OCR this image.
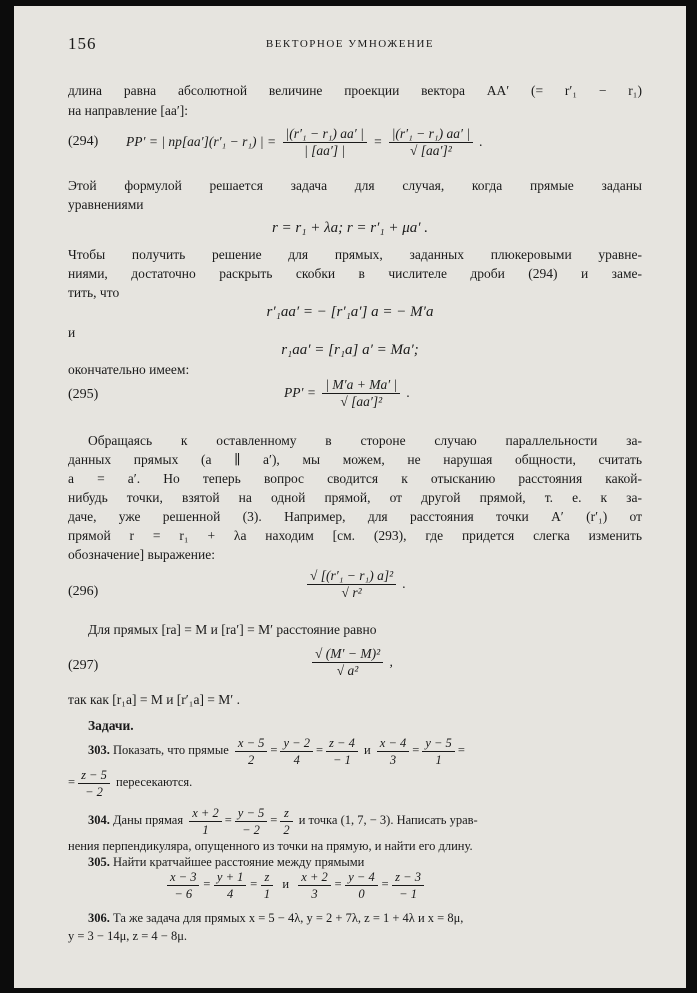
156	ВЕКТОРНОЕ УМНОЖЕНИЕ
длина равна абсолютной величине проекции вектора AA′ (= r′₁ − r₁)
на направление [aa′]:
(294) PP′ = | пр[aa′](r′₁ − r₁) | = $\frac{\text{|(r′₁ − r₁) aa′ |}}{| [aa'] |} = \frac{\text{|(r′₁ − r₁) aa′ |}}{\text{√ [aa′]²}}$ .
Этой формулой решается задача для случая, когда прямые заданы
уравнениями
r = r₁ + λa; r = r′₁ + μa′ .
Чтобы получить решение для прямых, заданных плюкеровыми уравне-
ниями, достаточно раскрыть скобки в числителе дроби (294) и заме-
тить, что
r′₁aa′ = − [r′₁a′] a = − M′a
и
r₁aa′ = [r₁a] a′ = Ma′;
окончательно имеем:
(295)	$PP' = \frac{| M'a + Ma' |}{\text{√ [aa′]²}}$ .
Обращаясь к оставленному в стороне случаю параллельности за-
данных прямых (a ∥ a′), мы можем, не нарушая общности, считать
a = a′. Но теперь вопрос сводится к отысканию расстояния какой-
нибудь точки, взятой на одной прямой, от другой прямой, т. е. к за-
даче, уже решенной (3). Например, для расстояния точки A′ (r′₁) от
прямой r = r₁ + λa находим [см. (293), где придется слегка изменить
обозначение] выражение:
(296)	$\frac{\text{√ [(r′₁ − r₁) a]²}}{\text{√ r²}}$ .
Для прямых [ra] = M и [ra′] = M′ расстояние равно
(297)	$\frac{\text{√ (M′ − M)²}}{\text{√ a²}}$ ,
так как [r₁a] = M и [r′₁a] = M′ .
Задачи.
303. Показать, что прямые $\frac{x - 5}{2} = \frac{y - 2}{4} = \frac{z - 4}{- 1}$ и $\frac{x - 4}{3} = \frac{y - 5}{1}$ =
= $\frac{z - 5}{- 2}$ пересекаются.
304. Даны прямая $\frac{x + 2}{1} = \frac{y - 5}{- 2} = \frac{z}{2}$ и точка (1, 7, − 3). Написать урав-
нения перпендикуляра, опущенного из точки на прямую, и найти его длину.
305. Найти кратчайшее расстояние между прямыми
$\frac{x - 3}{- 6} = \frac{y + 1}{4} = \frac{z}{1}$ и $\frac{x + 2}{3} = \frac{y - 4}{0} = \frac{z - 3}{- 1}$
306. Та же задача для прямых x = 5 − 4λ, y = 2 + 7λ, z = 1 + 4λ и x = 8μ,
y = 3 − 14μ, z = 4 − 8μ.
